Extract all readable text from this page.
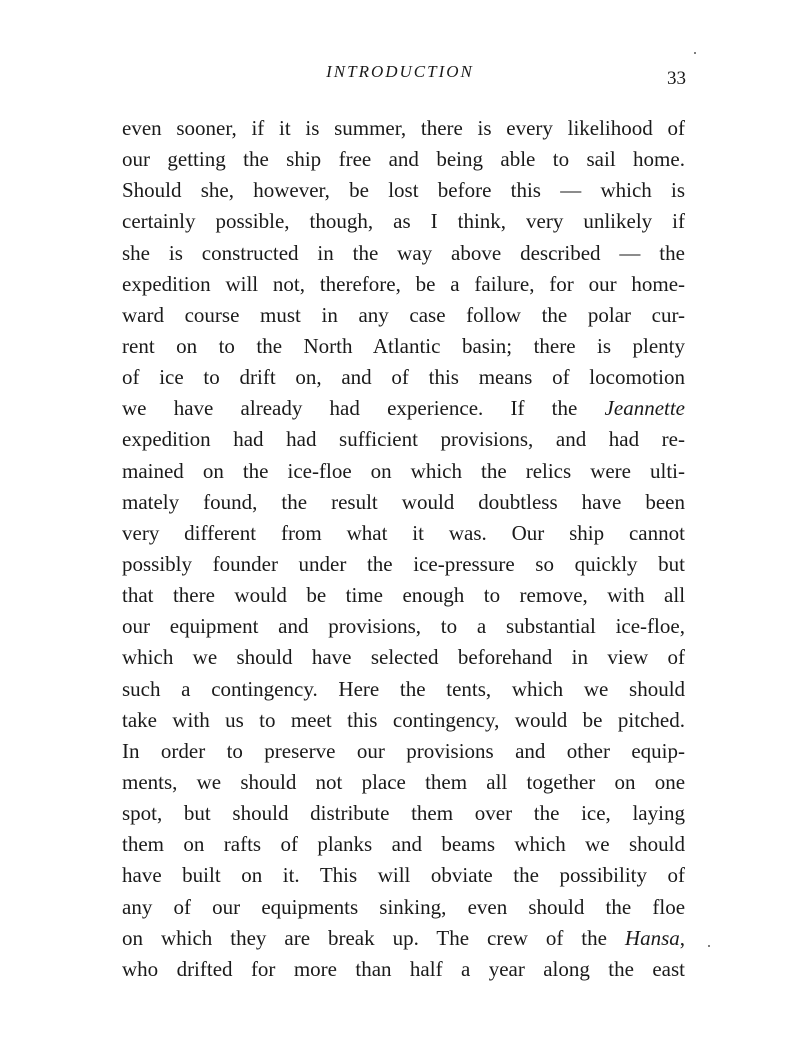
INTRODUCTION	33
even sooner, if it is summer, there is every likelihood of
our getting the ship free and being able to sail home.
Should she, however, be lost before this — which is
certainly possible, though, as I think, very unlikely if
she is constructed in the way above described — the
expedition will not, therefore, be a failure, for our home-
ward course must in any case follow the polar cur-
rent on to the North Atlantic basin; there is plenty
of ice to drift on, and of this means of locomotion
we have already had experience. If the Jeannette
expedition had had sufficient provisions, and had re-
mained on the ice-floe on which the relics were ulti-
mately found, the result would doubtless have been
very different from what it was. Our ship cannot
possibly founder under the ice-pressure so quickly but
that there would be time enough to remove, with all
our equipment and provisions, to a substantial ice-floe,
which we should have selected beforehand in view of
such a contingency. Here the tents, which we should
take with us to meet this contingency, would be pitched.
In order to preserve our provisions and other equip-
ments, we should not place them all together on one
spot, but should distribute them over the ice, laying
them on rafts of planks and beams which we should
have built on it. This will obviate the possibility of
any of our equipments sinking, even should the floe
on which they are break up. The crew of the Hansa,
who drifted for more than half a year along the east
